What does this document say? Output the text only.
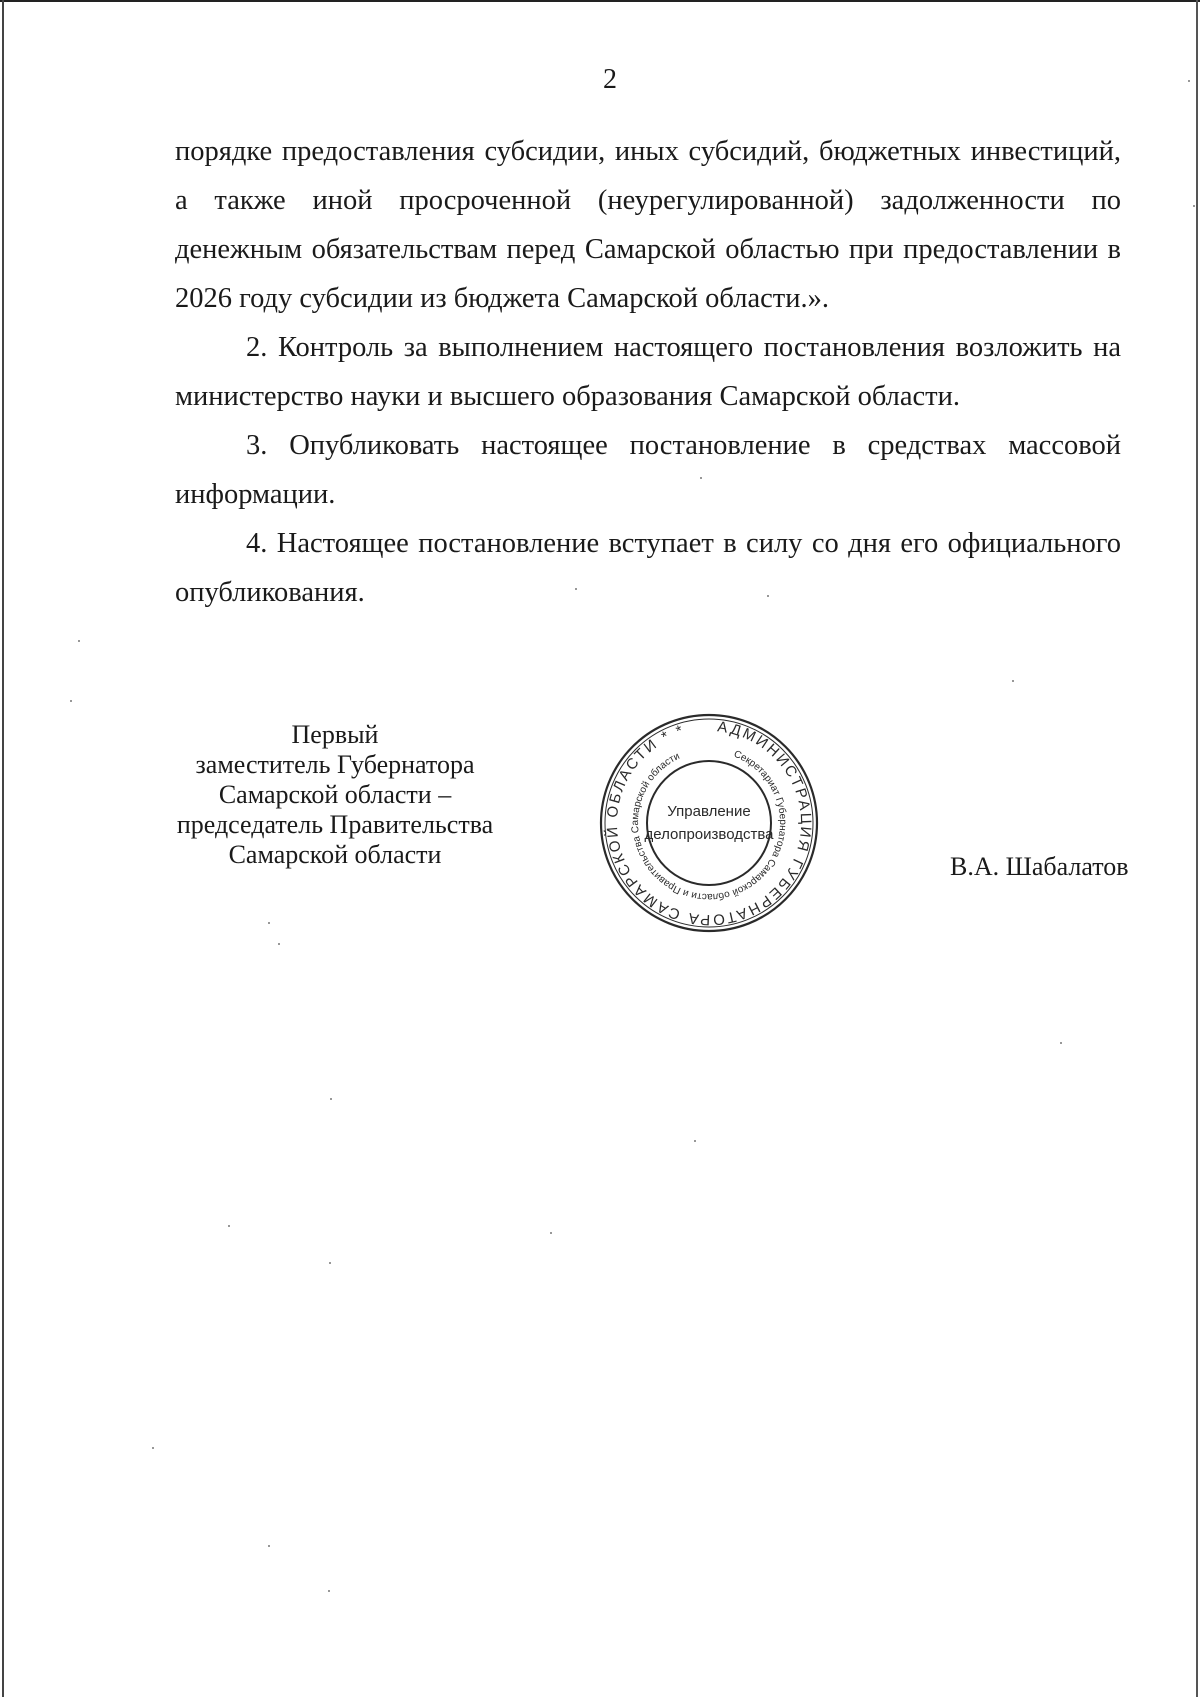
2

порядке предоставления субсидии, иных субсидий, бюджетных инвестиций, а также иной просроченной (неурегулированной) задолженности по денежным обязательствам перед Самарской областью при предоставлении в 2026 году субсидии из бюджета Самарской области.».

2. Контроль за выполнением настоящего постановления возложить на министерство науки и высшего образования Самарской области.

3. Опубликовать настоящее постановление в средствах массовой информации.

4. Настоящее постановление вступает в силу со дня его официального опубликования.

Первый
заместитель Губернатора
Самарской области –
председатель Правительства
Самарской области
АДМИНИСТРАЦИЯ ГУБЕРНАТОРА САМАРСКОЙ ОБЛАСТИ * *
Секретариат Губернатора Самарской области и Правительства Самарской области
Управление
делопроизводства
В.А. Шабалатов
